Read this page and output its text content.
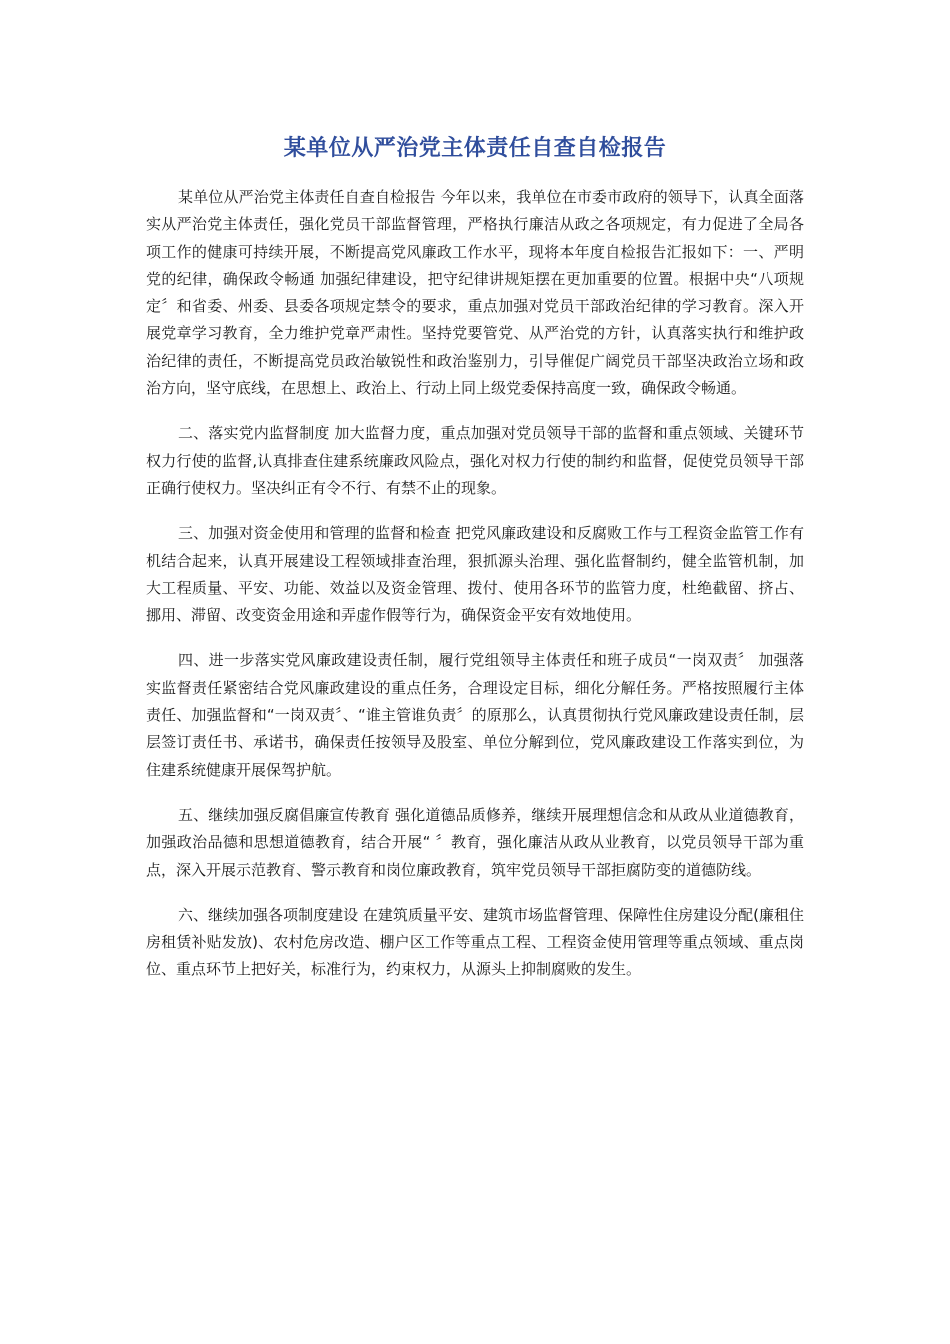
某单位从严治党主体责任自查自检报告

某单位从严治党主体责任自查自检报告 今年以来，我单位在市委市政府的领导下，认真全面落实从严治党主体责任，强化党员干部监督管理，严格执行廉洁从政之各项规定，有力促进了全局各项工作的健康可持续开展，不断提高党风廉政工作水平，现将本年度自检报告汇报如下：一、严明党的纪律，确保政令畅通 加强纪律建设，把守纪律讲规矩摆在更加重要的位置。根据中央“八项规定〞和省委、州委、县委各项规定禁令的要求，重点加强对党员干部政治纪律的学习教育。深入开展党章学习教育，全力维护党章严肃性。坚持党要管党、从严治党的方针，认真落实执行和维护政治纪律的责任，不断提高党员政治敏锐性和政治鉴别力，引导催促广阔党员干部坚决政治立场和政治方向，坚守底线，在思想上、政治上、行动上同上级党委保持高度一致，确保政令畅通。

二、落实党内监督制度 加大监督力度，重点加强对党员领导干部的监督和重点领域、关键环节权力行使的监督,认真排查住建系统廉政风险点，强化对权力行使的制约和监督，促使党员领导干部正确行使权力。坚决纠正有令不行、有禁不止的现象。

三、加强对资金使用和管理的监督和检查 把党风廉政建设和反腐败工作与工程资金监管工作有机结合起来，认真开展建设工程领域排查治理，狠抓源头治理、强化监督制约，健全监管机制，加大工程质量、平安、功能、效益以及资金管理、拨付、使用各环节的监管力度，杜绝截留、挤占、挪用、滞留、改变资金用途和弄虚作假等行为，确保资金平安有效地使用。

四、进一步落实党风廉政建设责任制，履行党组领导主体责任和班子成员“一岗双责〞 加强落实监督责任紧密结合党风廉政建设的重点任务，合理设定目标，细化分解任务。严格按照履行主体责任、加强监督和“一岗双责〞、“谁主管谁负责〞的原那么，认真贯彻执行党风廉政建设责任制，层层签订责任书、承诺书，确保责任按领导及股室、单位分解到位，党风廉政建设工作落实到位，为住建系统健康开展保驾护航。

五、继续加强反腐倡廉宣传教育 强化道德品质修养，继续开展理想信念和从政从业道德教育，加强政治品德和思想道德教育，结合开展“ 〞教育，强化廉洁从政从业教育，以党员领导干部为重点，深入开展示范教育、警示教育和岗位廉政教育，筑牢党员领导干部拒腐防变的道德防线。

六、继续加强各项制度建设 在建筑质量平安、建筑市场监督管理、保障性住房建设分配(廉租住房租赁补贴发放)、农村危房改造、棚户区工作等重点工程、工程资金使用管理等重点领域、重点岗位、重点环节上把好关，标准行为，约束权力，从源头上抑制腐败的发生。
